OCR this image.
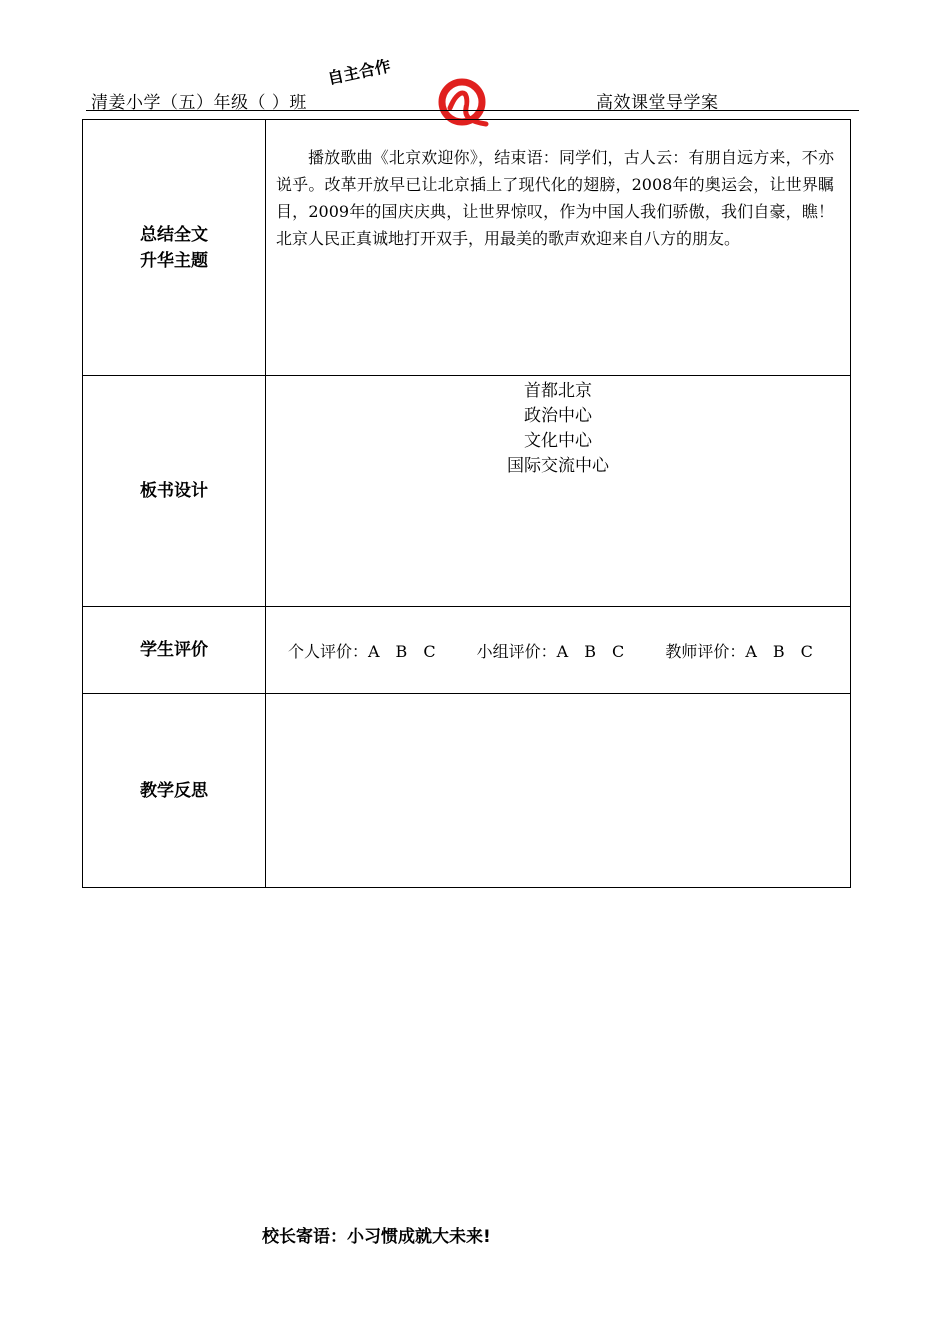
清姜小学（五）年级（ ）班
自主合作
高效课堂导学案
总结全文
升华主题	播放歌曲《北京欢迎你》，结束语：同学们，古人云：有朋自远方来，不亦说乎。改革开放早已让北京插上了现代化的翅膀，2008年的奥运会，让世界瞩目，2009年的国庆庆典，让世界惊叹，作为中国人我们骄傲，我们自豪，瞧！北京人民正真诚地打开双手，用最美的歌声欢迎来自八方的朋友。

板书设计	首都北京
政治中心
文化中心
国际交流中心

学生评价	个人评价：A　B　C 小组评价：A　B　C 教师评价：A　B　C
教学反思	
校长寄语：小习惯成就大未来!
